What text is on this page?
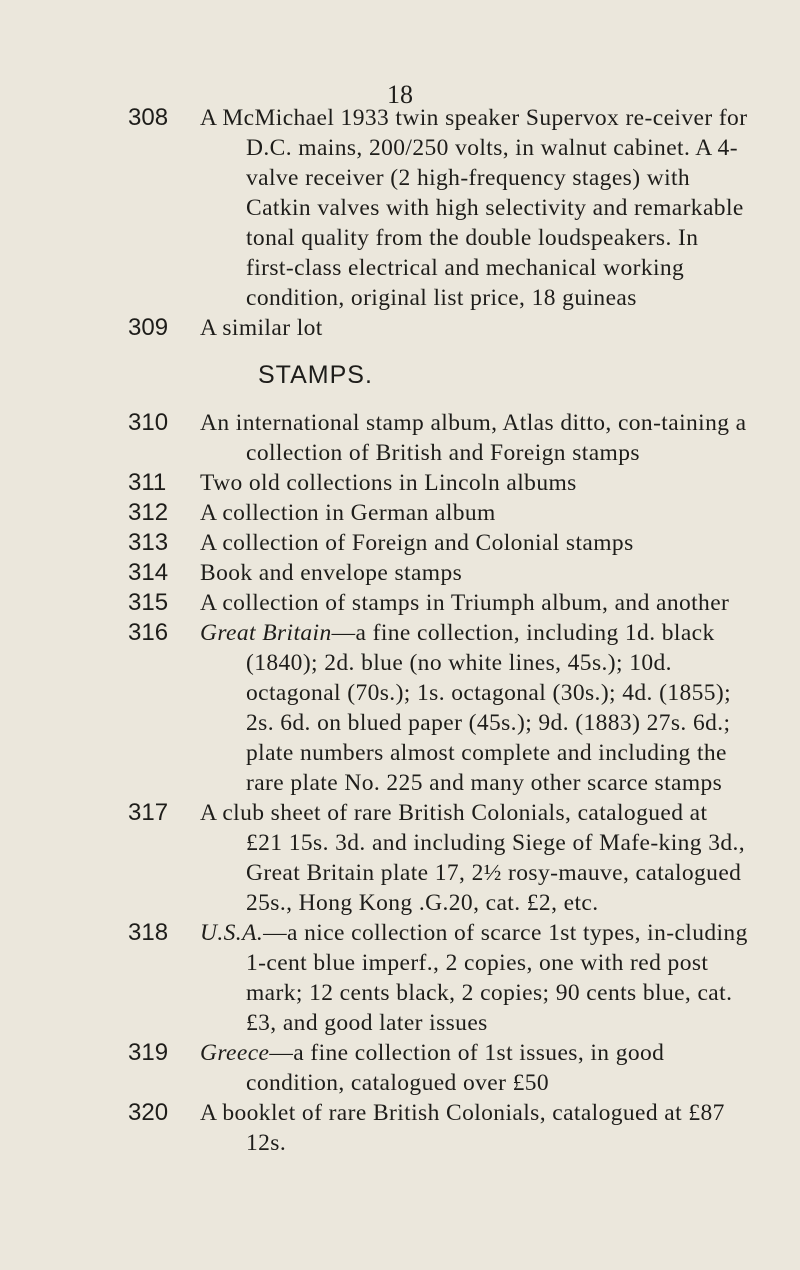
18
308 A McMichael 1933 twin speaker Supervox re-ceiver for D.C. mains, 200/250 volts, in walnut cabinet. A 4-valve receiver (2 high-frequency stages) with Catkin valves with high selectivity and remarkable tonal quality from the double loudspeakers. In first-class electrical and mechanical working condition, original list price, 18 guineas
309 A similar lot
STAMPS.
310 An international stamp album, Atlas ditto, con-taining a collection of British and Foreign stamps
311 Two old collections in Lincoln albums
312 A collection in German album
313 A collection of Foreign and Colonial stamps
314 Book and envelope stamps
315 A collection of stamps in Triumph album, and another
316 Great Britain—a fine collection, including 1d. black (1840); 2d. blue (no white lines, 45s.); 10d. octagonal (70s.); 1s. octagonal (30s.); 4d. (1855); 2s. 6d. on blued paper (45s.); 9d. (1883) 27s. 6d.; plate numbers almost complete and including the rare plate No. 225 and many other scarce stamps
317 A club sheet of rare British Colonials, catalogued at £21 15s. 3d. and including Siege of Mafe-king 3d., Great Britain plate 17, 2½ rosy-mauve, catalogued 25s., Hong Kong .G.20, cat. £2, etc.
318 U.S.A.—a nice collection of scarce 1st types, in-cluding 1-cent blue imperf., 2 copies, one with red post mark; 12 cents black, 2 copies; 90 cents blue, cat. £3, and good later issues
319 Greece—a fine collection of 1st issues, in good condition, catalogued over £50
320 A booklet of rare British Colonials, catalogued at £87 12s.
